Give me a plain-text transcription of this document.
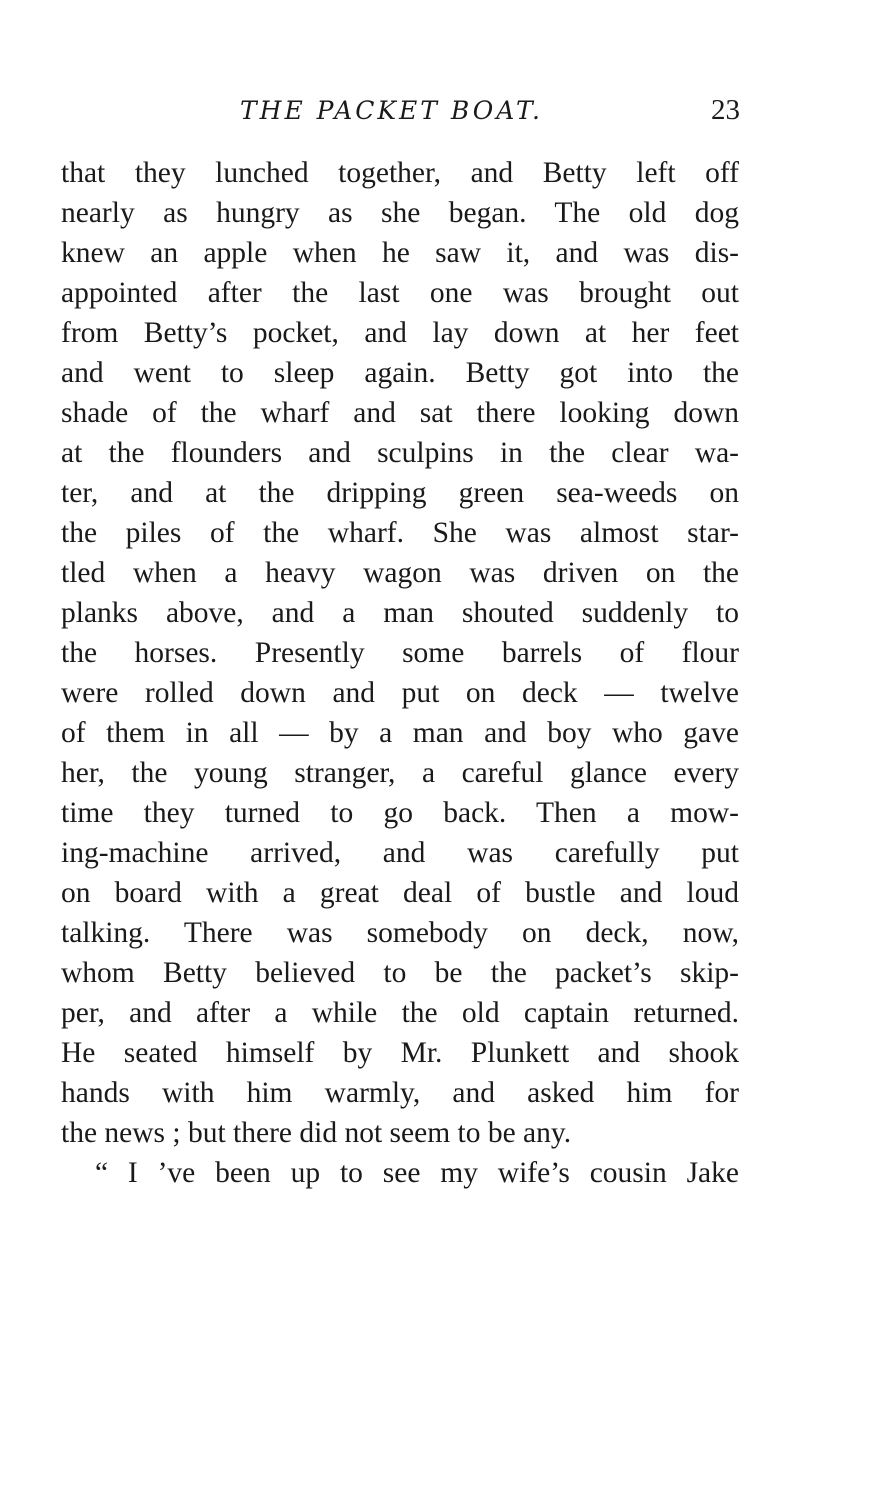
THE PACKET BOAT.	23
that they lunched together, and Betty left off
nearly as hungry as she began. The old dog
knew an apple when he saw it, and was dis-
appointed after the last one was brought out
from Betty’s pocket, and lay down at her feet
and went to sleep again. Betty got into the
shade of the wharf and sat there looking down
at the flounders and sculpins in the clear wa-
ter, and at the dripping green sea-weeds on
the piles of the wharf. She was almost star-
tled when a heavy wagon was driven on the
planks above, and a man shouted suddenly to
the horses. Presently some barrels of flour
were rolled down and put on deck — twelve
of them in all — by a man and boy who gave
her, the young stranger, a careful glance every
time they turned to go back. Then a mow-
ing-machine arrived, and was carefully put
on board with a great deal of bustle and loud
talking. There was somebody on deck, now,
whom Betty believed to be the packet’s skip-
per, and after a while the old captain returned.
He seated himself by Mr. Plunkett and shook
hands with him warmly, and asked him for
the news ; but there did not seem to be any.
“ I ’ve been up to see my wife’s cousin Jake
